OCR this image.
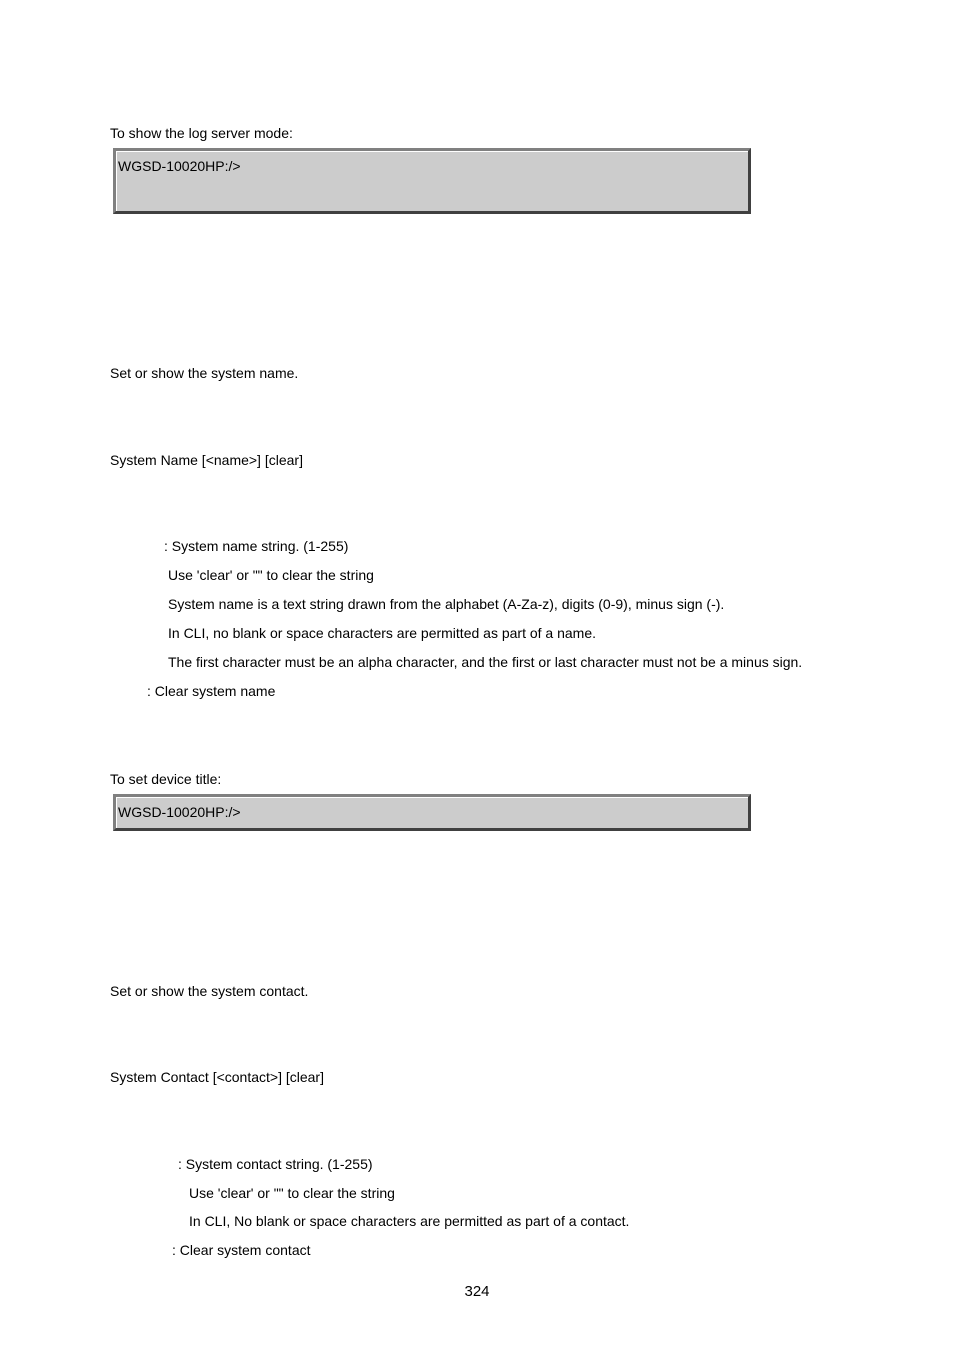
To show the log server mode:
WGSD-10020HP:/>
Set or show the system name.
System Name [<name>] [clear]
: System name string. (1-255)
Use 'clear' or "" to clear the string
System name is a text string drawn from the alphabet (A-Za-z), digits (0-9), minus sign (-).
In CLI, no blank or space characters are permitted as part of a name.
The first character must be an alpha character, and the first or last character must not be a minus sign.
: Clear system name
To set device title:
WGSD-10020HP:/>
Set or show the system contact.
System Contact [<contact>] [clear]
: System contact string. (1-255)
Use 'clear' or "" to clear the string
In CLI, No blank or space characters are permitted as part of a contact.
: Clear system contact
324
